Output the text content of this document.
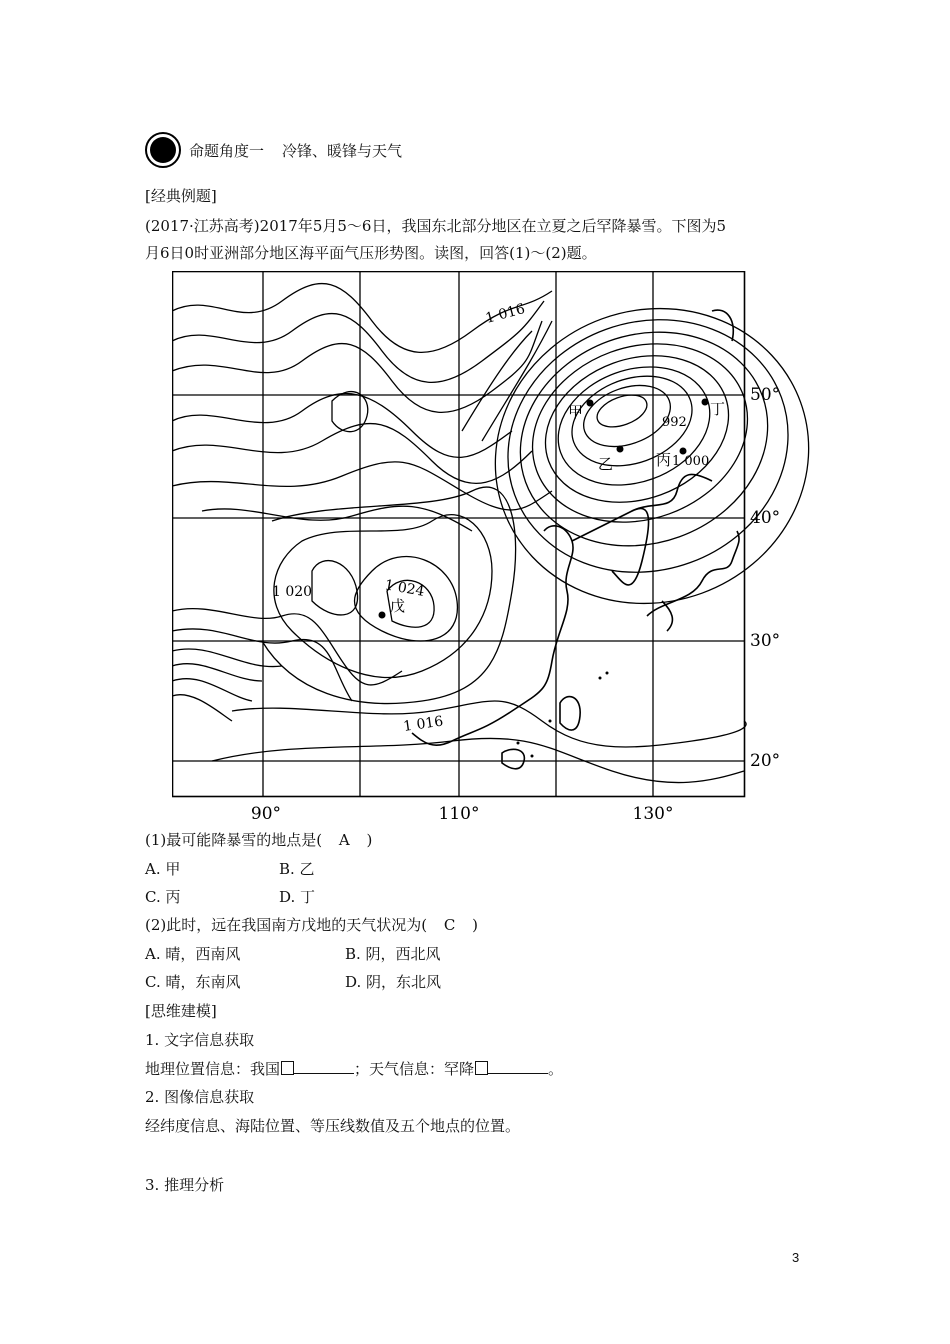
命题角度一 冷锋、暖锋与天气
[经典例题]
(2017·江苏高考)2017年5月5～6日，我国东北部分地区在立夏之后罕降暴雪。下图为5
月6日0时亚洲部分地区海平面气压形势图。读图，回答(1)～(2)题。
1 016
1 020	1 024
1 016
992
1 000
甲
乙	丙
丁
戊
50°
40°
30°
20°
90°	110°	130°
(1)最可能降暴雪的地点是( A )
A. 甲	B. 乙
C. 丙	D. 丁
(2)此时，远在我国南方戊地的天气状况为( C )
A. 晴，西南风	B. 阴，西北风
C. 晴，东南风	D. 阴，东北风
[思维建模]
1. 文字信息获取
地理位置信息：我国	；天气信息：罕降	。
2. 图像信息获取
经纬度信息、海陆位置、等压线数值及五个地点的位置。
3. 推理分析
3
